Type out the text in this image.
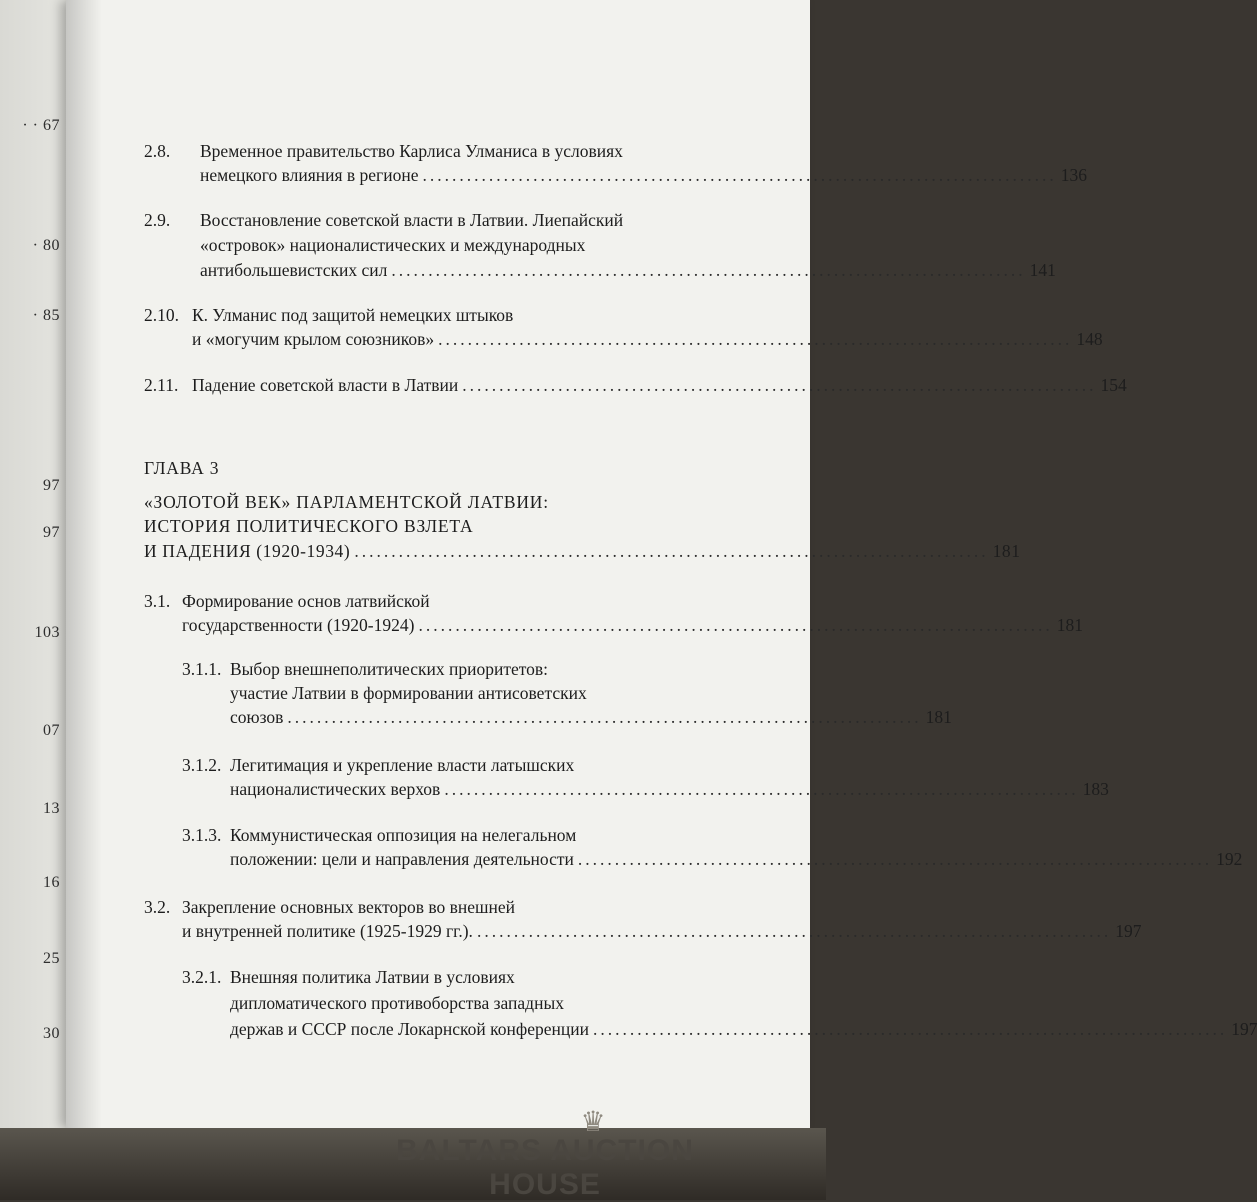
· · 67
· 80
· 85
97
97
103
07
13
16
25
30
♛
BALTARS AUCTION HOUSE
2.8. Временное правительство Карлиса Улманиса в условиях
немецкого влияния в регионе ...................................................................................... 136
2.9. Восстановление советской власти в Латвии. Лиепайский
«островок» националистических и международных
антибольшевистских сил ...................................................................................... 141
2.10. К. Улманис под защитой немецких штыков
и «могучим крылом союзников» ...................................................................................... 148
2.11. Падение советской власти в Латвии ...................................................................................... 154
ГЛАВА 3
«ЗОЛОТОЙ ВЕК» ПАРЛАМЕНТСКОЙ ЛАТВИИ:
ИСТОРИЯ ПОЛИТИЧЕСКОГО ВЗЛЕТА
И ПАДЕНИЯ (1920-1934) ...................................................................................... 181
3.1. Формирование основ латвийской
государственности (1920-1924) ...................................................................................... 181
3.1.1. Выбор внешнеполитических приоритетов:
участие Латвии в формировании антисоветских
союзов ...................................................................................... 181
3.1.2. Легитимация и укрепление власти латышских
националистических верхов ...................................................................................... 183
3.1.3. Коммунистическая оппозиция на нелегальном
положении: цели и направления деятельности ...................................................................................... 192
3.2. Закрепление основных векторов во внешней
и внутренней политике (1925-1929 гг.). ...................................................................................... 197
3.2.1. Внешняя политика Латвии в условиях
дипломатического противоборства западных
держав и СССР после Локарнской конференции ...................................................................................... 197
